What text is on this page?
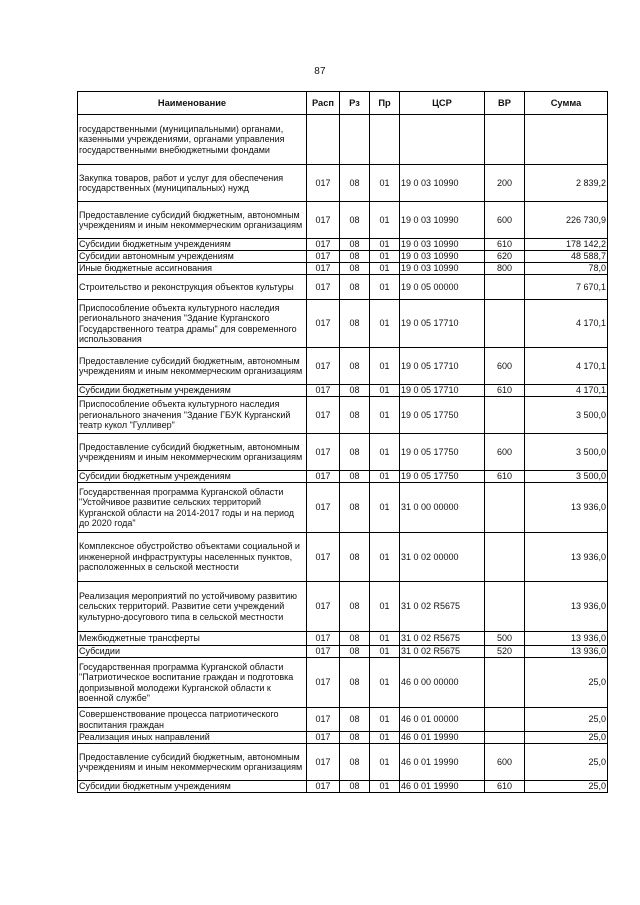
87
Наименование	Расп	Рз	Пр	ЦСР	ВР	Сумма
государственными (муниципальными) органами, казенными учреждениями, органами управления государственными внебюджетными фондами						
Закупка товаров, работ и услуг для обеспечения государственных (муниципальных) нужд	017	08	01	19 0 03 10990	200	2 839,2
Предоставление субсидий бюджетным, автономным учреждениям и иным некоммерческим организациям	017	08	01	19 0 03 10990	600	226 730,9
Субсидии бюджетным учреждениям	017	08	01	19 0 03 10990	610	178 142,2
Субсидии автономным учреждениям	017	08	01	19 0 03 10990	620	48 588,7
Иные бюджетные ассигнования	017	08	01	19 0 03 10990	800	78,0
Строительство и реконструкция объектов культуры	017	08	01	19 0 05 00000		7 670,1
Приспособление объекта культурного наследия регионального значения "Здание Курганского Государственного театра драмы" для современного использования	017	08	01	19 0 05 17710		4 170,1
Предоставление субсидий бюджетным, автономным учреждениям и иным некоммерческим организациям	017	08	01	19 0 05 17710	600	4 170,1
Субсидии бюджетным учреждениям	017	08	01	19 0 05 17710	610	4 170,1
Приспособление объекта культурного наследия регионального значения "Здание ГБУК Курганский театр кукол "Гулливер"	017	08	01	19 0 05 17750		3 500,0
Предоставление субсидий бюджетным, автономным учреждениям и иным некоммерческим организациям	017	08	01	19 0 05 17750	600	3 500,0
Субсидии бюджетным учреждениям	017	08	01	19 0 05 17750	610	3 500,0
Государственная программа Курганской области "Устойчивое развитие сельских территорий Курганской области на 2014-2017 годы и на период до 2020 года"	017	08	01	31 0 00 00000		13 936,0
Комплексное обустройство объектами социальной и инженерной инфраструктуры населенных пунктов, расположенных в сельской местности	017	08	01	31 0 02 00000		13 936,0
Реализация мероприятий по устойчивому развитию сельских территорий. Развитие сети учреждений культурно-досугового типа в сельской местности	017	08	01	31 0 02 R5675		13 936,0
Межбюджетные трансферты	017	08	01	31 0 02 R5675	500	13 936,0
Субсидии	017	08	01	31 0 02 R5675	520	13 936,0
Государственная программа Курганской области "Патриотическое воспитание граждан и подготовка допризывной молодежи Курганской области к военной службе"	017	08	01	46 0 00 00000		25,0
Совершенствование процесса патриотического воспитания граждан	017	08	01	46 0 01 00000		25,0
Реализация иных направлений	017	08	01	46 0 01 19990		25,0
Предоставление субсидий бюджетным, автономным учреждениям и иным некоммерческим организациям	017	08	01	46 0 01 19990	600	25,0
Субсидии бюджетным учреждениям	017	08	01	46 0 01 19990	610	25,0
